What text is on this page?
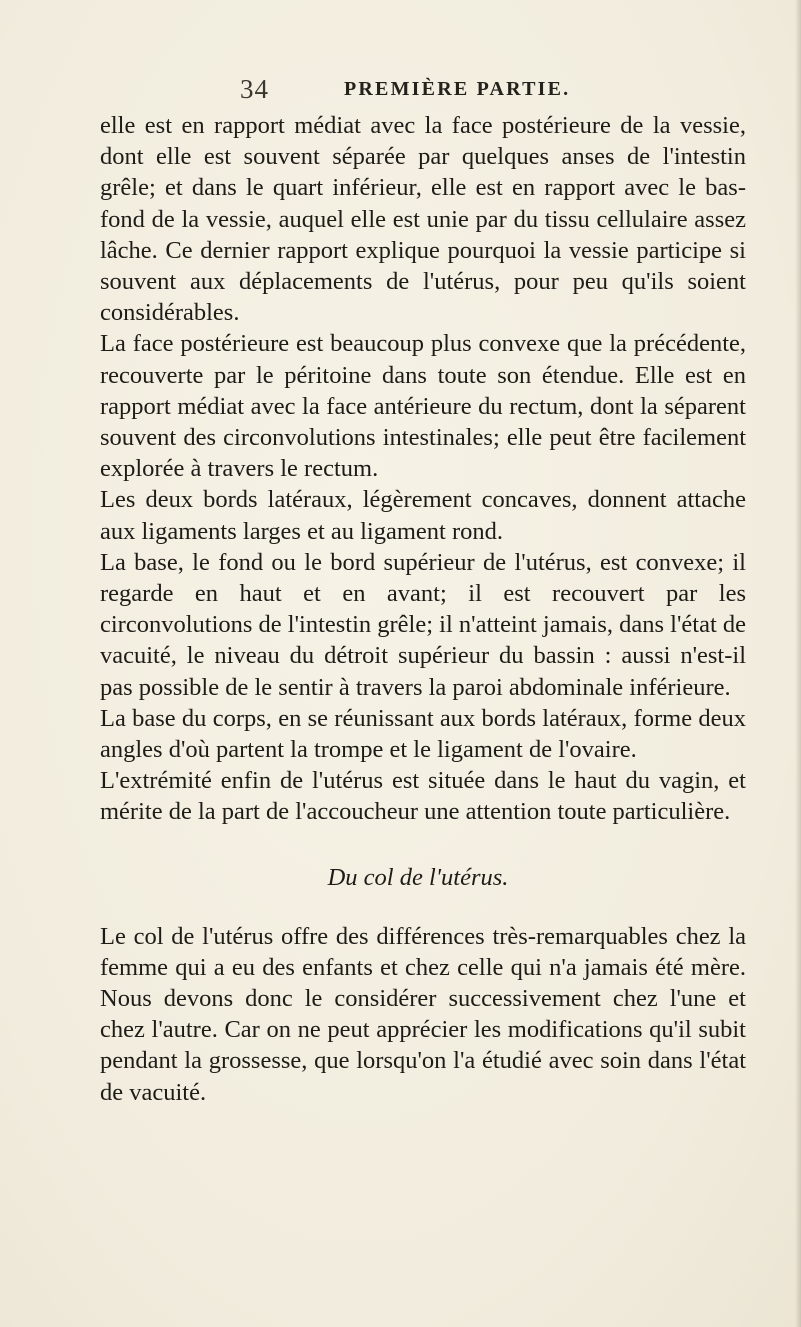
34	PREMIÈRE PARTIE.

elle est en rapport médiat avec la face postérieure de la vessie, dont elle est souvent séparée par quelques anses de l'intestin grêle; et dans le quart inférieur, elle est en rapport avec le bas-fond de la vessie, auquel elle est unie par du tissu cellulaire assez lâche. Ce dernier rapport explique pourquoi la vessie participe si souvent aux déplacements de l'utérus, pour peu qu'ils soient considérables.

La face postérieure est beaucoup plus convexe que la précédente, recouverte par le péritoine dans toute son étendue. Elle est en rapport médiat avec la face antérieure du rectum, dont la séparent souvent des circonvolutions intestinales; elle peut être facilement explorée à travers le rectum.

Les deux bords latéraux, légèrement concaves, donnent attache aux ligaments larges et au ligament rond.

La base, le fond ou le bord supérieur de l'utérus, est convexe; il regarde en haut et en avant; il est recouvert par les circonvolutions de l'intestin grêle; il n'atteint jamais, dans l'état de vacuité, le niveau du détroit supérieur du bassin : aussi n'est-il pas possible de le sentir à travers la paroi abdominale inférieure.

La base du corps, en se réunissant aux bords latéraux, forme deux angles d'où partent la trompe et le ligament de l'ovaire.

L'extrémité enfin de l'utérus est située dans le haut du vagin, et mérite de la part de l'accoucheur une attention toute particulière.

Du col de l'utérus.

Le col de l'utérus offre des différences très-remarquables chez la femme qui a eu des enfants et chez celle qui n'a jamais été mère. Nous devons donc le considérer successivement chez l'une et chez l'autre. Car on ne peut apprécier les modifications qu'il subit pendant la grossesse, que lorsqu'on l'a étudié avec soin dans l'état de vacuité.
